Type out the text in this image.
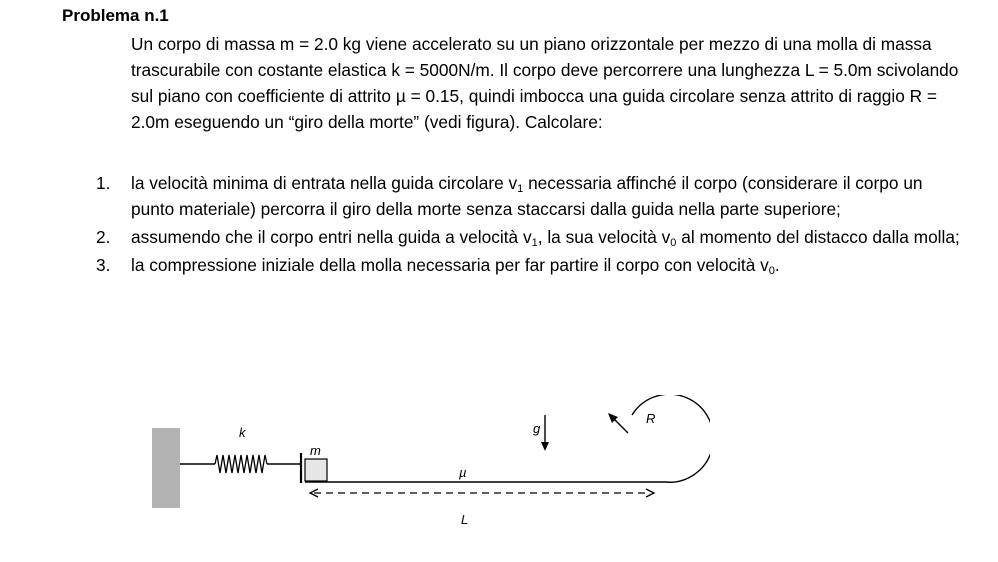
Problema n.1

Un corpo di massa m = 2.0 kg viene accelerato su un piano orizzontale per mezzo di una molla di massa trascurabile con costante elastica k = 5000N/m. Il corpo deve percorrere una lunghezza L = 5.0m scivolando sul piano con coefficiente di attrito µ = 0.15, quindi imbocca una guida circolare senza attrito di raggio R = 2.0m eseguendo un “giro della morte” (vedi figura). Calcolare:

1. la velocità minima di entrata nella guida circolare $v_1$ necessaria affinché il corpo (considerare il corpo un punto materiale) percorra il giro della morte senza staccarsi dalla guida nella parte superiore;
2. assumendo che il corpo entri nella guida a velocità $v_1$, la sua velocità $v_0$ al momento del distacco dalla molla;
3. la compressione iniziale della molla necessaria per far partire il corpo con velocità $v_0$.
k
m
µ
g
R
L
